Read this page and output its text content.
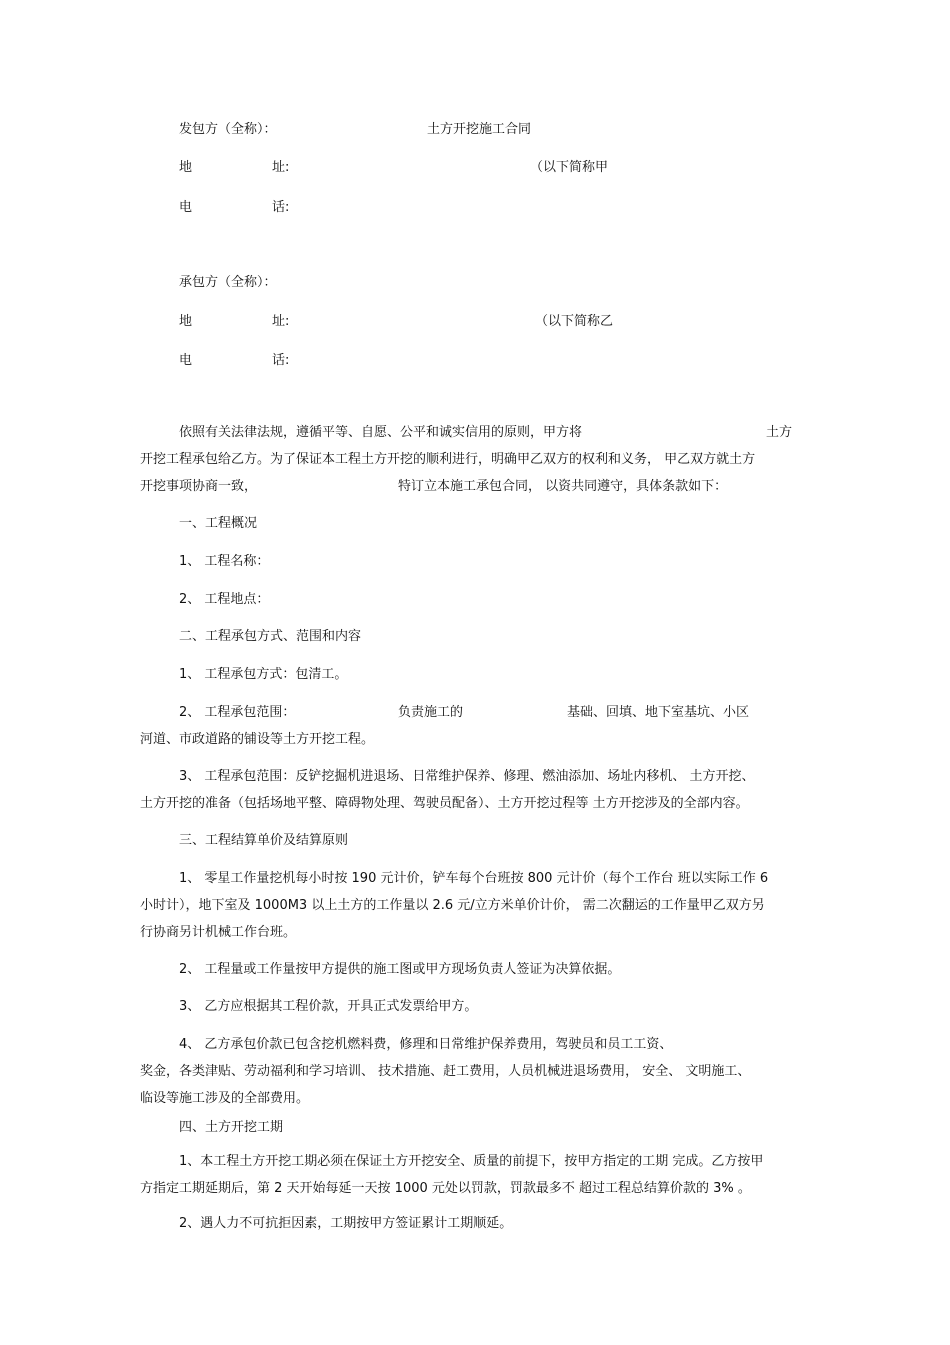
发包方（全称）：	土方开挖施工合同
地	址:	（以下简称甲
电	话:
承包方（全称）：
地	址:	（以下简称乙
电	话:
依照有关法律法规，遵循平等、自愿、公平和诚实信用的原则，甲方将	土方
开挖工程承包给乙方。为了保证本工程土方开挖的顺利进行，明确甲乙双方的权利和义务， 甲乙双方就土方
开挖事项协商一致，	特订立本施工承包合同， 以资共同遵守，具体条款如下：
一、工程概况
1、 工程名称：
2、 工程地点：
二、工程承包方式、范围和内容
1、 工程承包方式：包清工。
2、 工程承包范围：	负责施工的	基础、回填、地下室基坑、小区
河道、市政道路的铺设等土方开挖工程。
3、 工程承包范围：反铲挖掘机进退场、日常维护保养、修理、燃油添加、场址内移机、 土方开挖、
土方开挖的准备（包括场地平整、障碍物处理、驾驶员配备）、土方开挖过程等 土方开挖涉及的全部内容。
三、工程结算单价及结算原则
1、 零星工作量挖机每小时按 190 元计价，铲车每个台班按 800 元计价（每个工作台 班以实际工作 6
小时计），地下室及 1000M3 以上土方的工作量以 2.6 元/立方米单价计价， 需二次翻运的工作量甲乙双方另
行协商另计机械工作台班。
2、 工程量或工作量按甲方提供的施工图或甲方现场负责人签证为决算依据。
3、 乙方应根据其工程价款，开具正式发票给甲方。
4、 乙方承包价款已包含挖机燃料费，修理和日常维护保养费用，驾驶员和员工工资、
奖金，各类津贴、劳动福利和学习培训、 技术措施、赶工费用，人员机械进退场费用， 安全、 文明施工、
临设等施工涉及的全部费用。
四、土方开挖工期
1、本工程土方开挖工期必须在保证土方开挖安全、质量的前提下，按甲方指定的工期 完成。乙方按甲
方指定工期延期后，第 2 天开始每延一天按 1000 元处以罚款，罚款最多不 超过工程总结算价款的 3% 。
2、遇人力不可抗拒因素，工期按甲方签证累计工期顺延。
